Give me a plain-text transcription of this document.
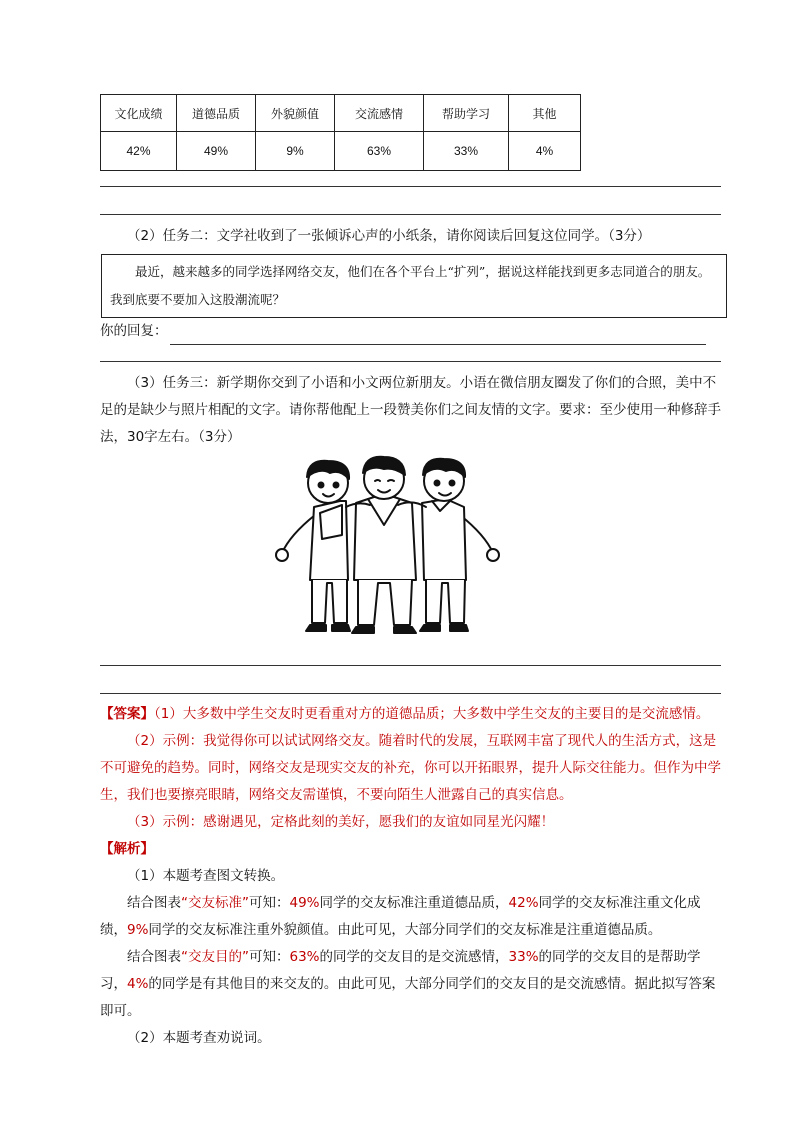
文化成绩	道德品质	外貌颜值	交流感情	帮助学习	其他
42%	49%	9%	63%	33%	4%
（2）任务二：文学社收到了一张倾诉心声的小纸条，请你阅读后回复这位同学。（3分）
最近，越来越多的同学选择网络交友，他们在各个平台上“扩列”，据说这样能找到更多志同道合的朋友。我到底要不要加入这股潮流呢？
你的回复：
（3）任务三：新学期你交到了小语和小文两位新朋友。小语在微信朋友圈发了你们的合照，美中不足的是缺少与照片相配的文字。请你帮他配上一段赞美你们之间友情的文字。要求：至少使用一种修辞手法，30字左右。（3分）
【答案】（1）大多数中学生交友时更看重对方的道德品质；大多数中学生交友的主要目的是交流感情。
（2）示例：我觉得你可以试试网络交友。随着时代的发展，互联网丰富了现代人的生活方式，这是不可避免的趋势。同时，网络交友是现实交友的补充，你可以开拓眼界，提升人际交往能力。但作为中学生，我们也要擦亮眼睛，网络交友需谨慎，不要向陌生人泄露自己的真实信息。
（3）示例：感谢遇见，定格此刻的美好，愿我们的友谊如同星光闪耀！
【解析】
（1）本题考查图文转换。
结合图表“交友标准”可知：49%同学的交友标准注重道德品质，42%同学的交友标准注重文化成绩，9%同学的交友标准注重外貌颜值。由此可见，大部分同学们的交友标准是注重道德品质。
结合图表“交友目的”可知：63%的同学的交友目的是交流感情，33%的同学的交友目的是帮助学习，4%的同学是有其他目的来交友的。由此可见，大部分同学们的交友目的是交流感情。据此拟写答案即可。
（2）本题考查劝说词。
